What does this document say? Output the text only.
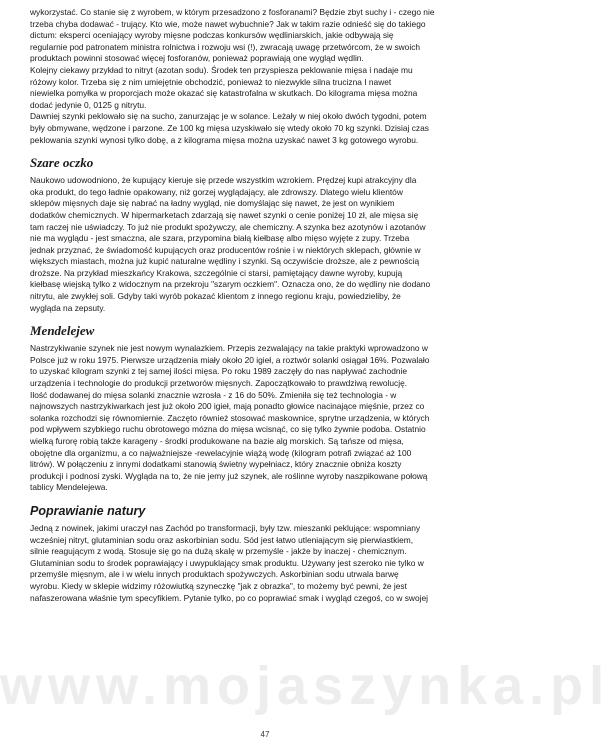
wykorzystać. Co stanie się z wyrobem, w którym przesadzono z fosforanami? Będzie zbyt suchy i - czego nie

trzeba chyba dodawać - trujący. Kto wie, może nawet wybuchnie? Jak w takim razie odnieść się do takiego

dictum: eksperci oceniający wyroby mięsne podczas konkursów wędliniarskich, jakie odbywają się

regularnie pod patronatem ministra rolnictwa i rozwoju wsi (!), zwracają uwagę przetwórcom, że w swoich

produktach powinni stosować więcej fosforanów, ponieważ poprawiają one wygląd wędlin.

Kolejny ciekawy przykład to nitryt (azotan sodu). Środek ten przyspiesza peklowanie mięsa i nadaje mu

różowy kolor. Trzeba się z nim umiejętnie obchodzić, ponieważ to niezwykle silna trucizna I nawet

niewielka pomyłka w proporcjach może okazać się katastrofalna w skutkach. Do kilograma mięsa można

dodać jedynie 0, 0125 g nitrytu.

Dawniej szynki peklowało się na sucho, zanurzając je w solance. Leżały w niej około dwóch tygodni, potem

były obmywane, wędzone i parzone. Ze 100 kg mięsa uzyskiwało się wtedy około 70 kg szynki. Dzisiaj czas

peklowania szynki wynosi tylko dobę, a z kilograma mięsa można uzyskać nawet 3 kg gotowego wyrobu.

Szare oczko

Naukowo udowodniono, że kupujący kieruje się przede wszystkim wzrokiem. Prędzej kupi atrakcyjny dla

oka produkt, do tego ładnie opakowany, niż gorzej wyglądający, ale zdrowszy. Dlatego wielu klientów

sklepów mięsnych daje się nabrać na ładny wygląd, nie domyślając się nawet, że jest on wynikiem

dodatków chemicznych. W hipermarketach zdarzają się nawet szynki o cenie poniżej 10 zł, ale mięsa się

tam raczej nie uświadczy. To już nie produkt spożywczy, ale chemiczny. A szynka bez azotynów i azotanów

nie ma wyglądu - jest smaczna, ale szara, przypomina białą kiełbasę albo mięso wyjęte z zupy. Trzeba

jednak przyznać, że świadomość kupujących oraz producentów rośnie i w niektórych sklepach, głównie w

większych miastach, można już kupić naturalne wędliny i szynki. Są oczywiście droższe, ale z pewnością

droższe. Na przykład mieszkańcy Krakowa, szczególnie ci starsi, pamiętający dawne wyroby, kupują

kiełbasę wiejską tylko z widocznym na przekroju "szarym oczkiem". Oznacza ono, że do wędliny nie dodano

nitrytu, ale zwykłej soli. Gdyby taki wyrób pokazać klientom z innego regionu kraju, powiedzieliby, że

wygląda na zepsuty.

Mendelejew

Nastrzykiwanie szynek nie jest nowym wynalazkiem. Przepis zezwalający na takie praktyki wprowadzono w

Polsce już w roku 1975. Pierwsze urządzenia miały około 20 igieł, a roztwór solanki osiągał 16%. Pozwalało

to uzyskać kilogram szynki z tej samej ilości mięsa. Po roku 1989 zaczęły do nas napływać zachodnie

urządzenia i technologie do produkcji przetworów mięsnych. Zapoczątkowało to prawdziwą rewolucję.

Ilość dodawanej do mięsa solanki znacznie wzrosła - z 16 do 50%. Zmieniła się też technologia - w

najnowszych nastrzykiwarkach jest już około 200 igieł, mają ponadto głowice nacinające mięśnie, przez co

solanka rozchodzi się równomiernie. Zaczęto również stosować maskownice, sprytne urządzenia, w których

pod wpływem szybkiego ruchu obrotowego mózna do mięsa wcisnąć, co się tylko żywnie podoba. Ostatnio

wielką furorę robią także karageny - środki produkowane na bazie alg morskich. Są tańsze od mięsa,

obojętne dla organizmu, a co najważniejsze -rewelacyjnie wiążą wodę (kilogram potrafi związać aż 100

litrów). W połączeniu z innymi dodatkami stanowią świetny wypełniacz, który znacznie obniża koszty

produkcji i podnosi zyski. Wygląda na to, że nie jemy już szynek, ale roślinne wyroby naszpikowane połową

tablicy Mendelejewa.

Poprawianie natury

Jedną z nowinek, jakimi uraczył nas Zachód po transformacji, były tzw. mieszanki peklujące: wspomniany

wcześniej nitryt, glutaminian sodu oraz askorbinian sodu. Sód jest łatwo utleniającym się pierwiastkiem,

silnie reagującym z wodą. Stosuje się go na dużą skalę w przemyśle - jakże by inaczej - chemicznym.

Glutaminian sodu to środek poprawiający i uwypuklający smak produktu. Używany jest szeroko nie tylko w

przemyśle mięsnym, ale i w wielu innych produktach spożywczych. Askorbinian sodu utrwala barwę

wyrobu. Kiedy w sklepie widzimy różowiutką szyneczkę "jak z obrazka", to możemy być pewni, że jest

nafaszerowana właśnie tym specyfikiem. Pytanie tylko, po co poprawiać smak i wygląd czegoś, co w swojej

www.mojaszynka.pl
47
